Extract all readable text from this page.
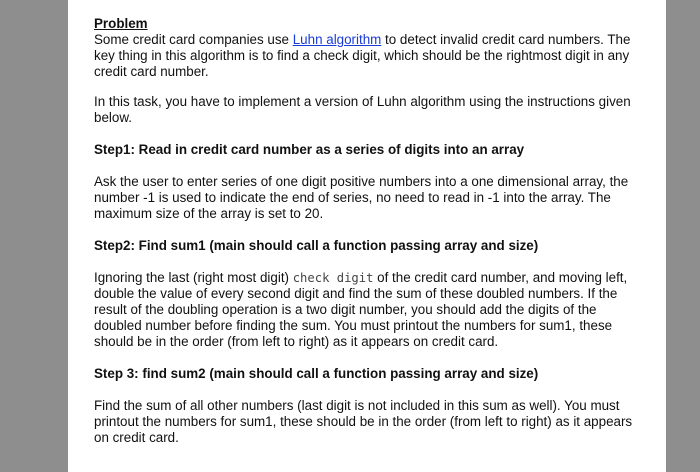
Problem

Some credit card companies use Luhn algorithm to detect invalid credit card numbers. The key thing in this algorithm is to find a check digit, which should be the rightmost digit in any credit card number.

In this task, you have to implement a version of Luhn algorithm using the instructions given below.

Step1: Read in credit card number as a series of digits into an array

Ask the user to enter series of one digit positive numbers into a one dimensional array, the number -1 is used to indicate the end of series, no need to read in -1 into the array. The maximum size of the array is set to 20.

Step2: Find sum1 (main should call a function passing array and size)

Ignoring the last (right most digit) check digit of the credit card number, and moving left, double the value of every second digit and find the sum of these doubled numbers. If the result of the doubling operation is a two digit number, you should add the digits of the doubled number before finding the sum. You must printout the numbers for sum1, these should be in the order (from left to right) as it appears on credit card.

Step 3: find sum2 (main should call a function passing array and size)

Find the sum of all other numbers (last digit is not included in this sum as well). You must printout the numbers for sum1, these should be in the order (from left to right) as it appears on credit card.
